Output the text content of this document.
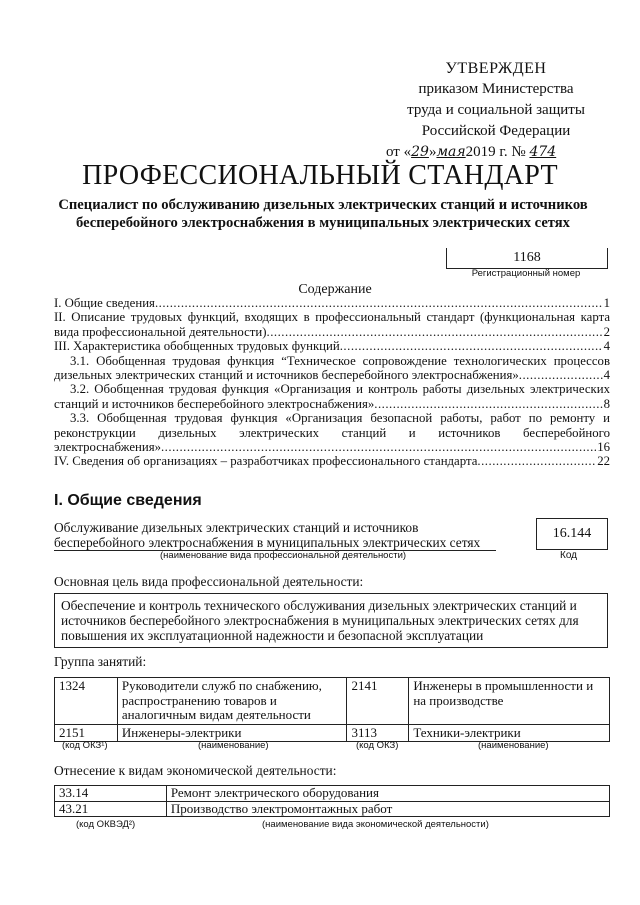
УТВЕРЖДЕН
приказом Министерства
труда и социальной защиты
Российской Федерации
от «29»мая2019 г. № 474
ПРОФЕССИОНАЛЬНЫЙ СТАНДАРТ
Специалист по обслуживанию дизельных электрических станций и источников бесперебойного электроснабжения в муниципальных электрических сетях
1168
Регистрационный номер
Содержание
I. Общие сведения .....	1
II. Описание трудовых функций, входящих в профессиональный стандарт (функциональная карта
вида профессиональной деятельности) .....	2
III. Характеристика обобщенных трудовых функций .....	4
3.1. Обобщенная трудовая функция “Техническое сопровождение технологических процессов
дизельных электрических станций и источников бесперебойного электроснабжения» .....	4
3.2. Обобщенная трудовая функция «Организация и контроль работы дизельных электрических
станций и источников бесперебойного электроснабжения» .....	8
3.3. Обобщенная трудовая функция «Организация безопасной работы, работ по ремонту и
реконструкции дизельных электрических станций и источников бесперебойного
электроснабжения» .....	16
IV. Сведения об организациях – разработчиках профессионального стандарта .....	22
I. Общие сведения
Обслуживание дизельных электрических станций и источников бесперебойного электроснабжения в муниципальных электрических сетях
16.144
(наименование вида профессиональной деятельности)	Код
Основная цель вида профессиональной деятельности:
Обеспечение и контроль технического обслуживания дизельных электрических станций и источников бесперебойного электроснабжения в муниципальных электрических сетях для повышения их эксплуатационной надежности и безопасной эксплуатации
Группа занятий:
1324	Руководители служб по снабжению, распространению товаров и аналогичным видам деятельности	2141	Инженеры в промышленности и на производстве
2151	Инженеры-электрики	3113	Техники-электрики
(код ОКЗ¹)	(наименование)	(код ОКЗ)	(наименование)
Отнесение к видам экономической деятельности:
33.14	Ремонт электрического оборудования
43.21	Производство электромонтажных работ
(код ОКВЭД²)	(наименование вида экономической деятельности)
